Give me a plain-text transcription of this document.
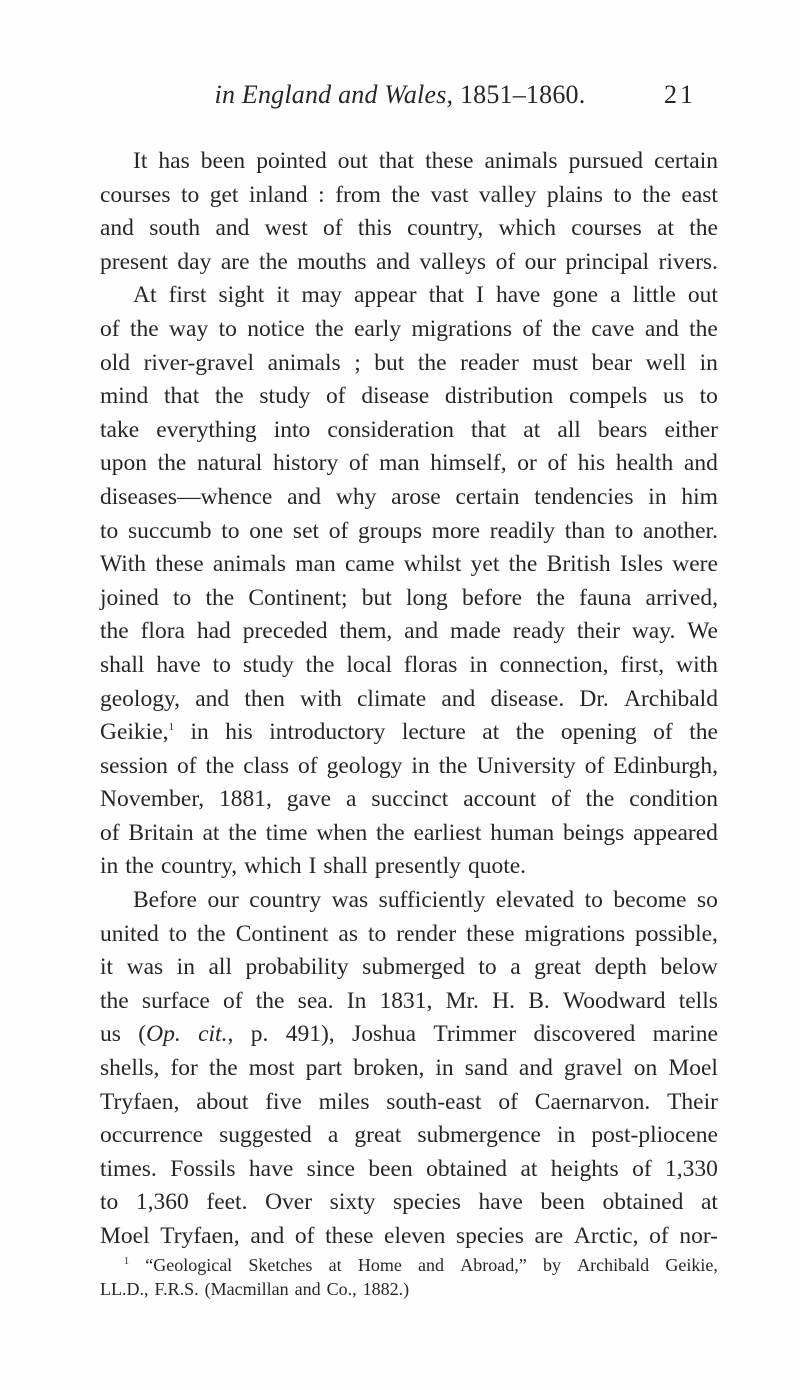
in England and Wales, 1851–1860.	21
It has been pointed out that these animals pursued certain
courses to get inland : from the vast valley plains to the east
and south and west of this country, which courses at the
present day are the mouths and valleys of our principal rivers.
At first sight it may appear that I have gone a little out
of the way to notice the early migrations of the cave and the
old river-gravel animals ; but the reader must bear well in
mind that the study of disease distribution compels us to
take everything into consideration that at all bears either
upon the natural history of man himself, or of his health and
diseases—whence and why arose certain tendencies in him
to succumb to one set of groups more readily than to another.
With these animals man came whilst yet the British Isles were
joined to the Continent; but long before the fauna arrived,
the flora had preceded them, and made ready their way. We
shall have to study the local floras in connection, first, with
geology, and then with climate and disease. Dr. Archibald
Geikie,$^1$ in his introductory lecture at the opening of the
session of the class of geology in the University of Edinburgh,
November, 1881, gave a succinct account of the condition
of Britain at the time when the earliest human beings appeared
in the country, which I shall presently quote.
Before our country was sufficiently elevated to become so
united to the Continent as to render these migrations possible,
it was in all probability submerged to a great depth below
the surface of the sea. In 1831, Mr. H. B. Woodward tells
us (Op. cit., p. 491), Joshua Trimmer discovered marine
shells, for the most part broken, in sand and gravel on Moel
Tryfaen, about five miles south-east of Caernarvon. Their
occurrence suggested a great submergence in post-pliocene
times. Fossils have since been obtained at heights of 1,330
to 1,360 feet. Over sixty species have been obtained at
Moel Tryfaen, and of these eleven species are Arctic, of nor-
$^1$ “Geological Sketches at Home and Abroad,” by Archibald Geikie,
LL.D., F.R.S. (Macmillan and Co., 1882.)
